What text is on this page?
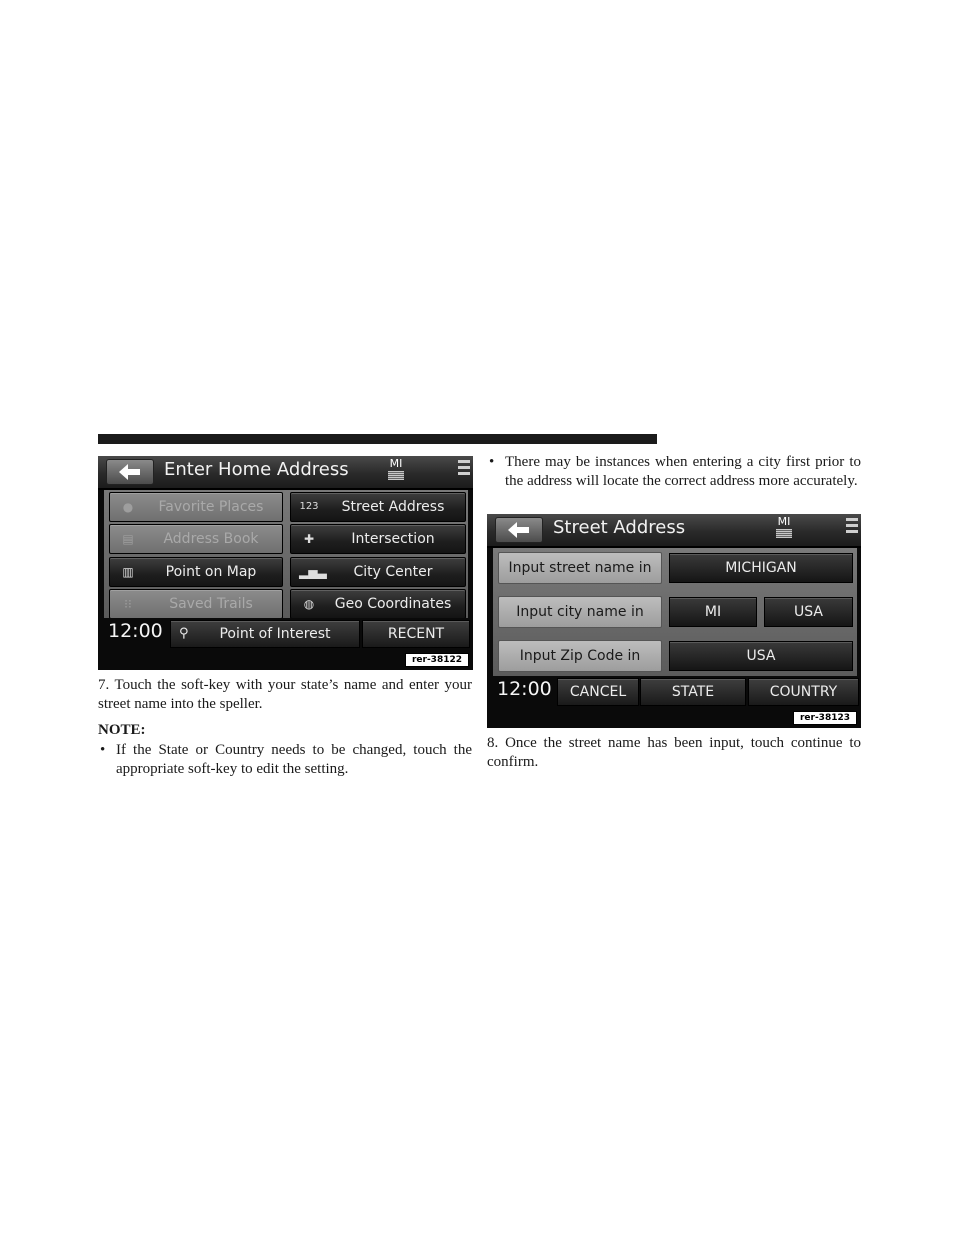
Enter Home Address	MI
●	Favorite Places
▤	Address Book
▥	Point on Map
⁝⁝	Saved Trails
123	Street Address
✚	Intersection
▂▅▃	City Center
◍	Geo Coordinates
12:00 ⚲ Point of Interest	RECENT
rer-38122

7. Touch the soft-key with your state’s name and enter your street name into the speller.

NOTE:
• If the State or Country needs to be changed, touch the appropriate soft-key to edit the setting.
• There may be instances when entering a city first prior to the address will locate the correct address more accurately.
Street Address	MI
Input street name in	MICHIGAN
Input city name in	MI	USA
Input Zip Code in	USA
12:00	CANCEL	STATE	COUNTRY
rer-38123

8. Once the street name has been input, touch continue to confirm.
